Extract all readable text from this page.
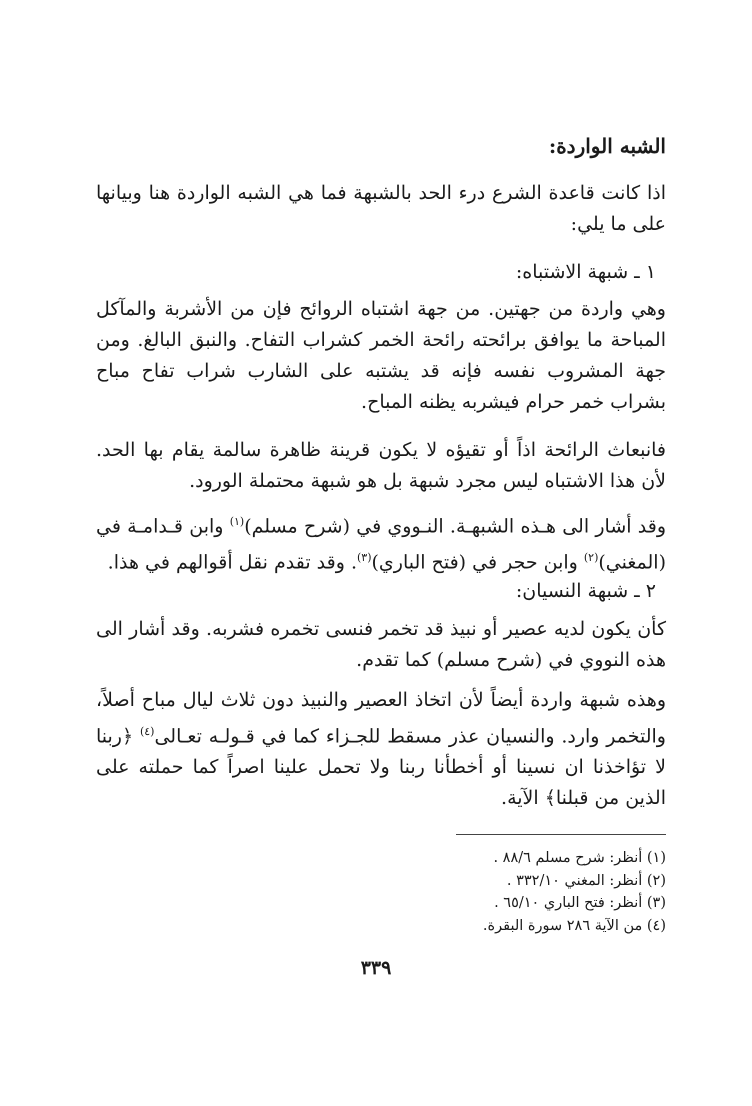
الشبه الواردة:
اذا كانت قاعدة الشرع درء الحد بالشبهة فما هي الشبه الواردة هنا وبيانها على ما يلي:
١ ـ شبهة الاشتباه:
وهي واردة من جهتين. من جهة اشتباه الروائح فإن من الأشربة والمآكل المباحة ما يوافق برائحته رائحة الخمر كشراب التفاح. والنبق البالغ. ومن جهة المشروب نفسه فإنه قد يشتبه على الشارب شراب تفاح مباح بشراب خمر حرام فيشربه يظنه المباح.
فانبعاث الرائحة اذاً أو تقيؤه لا يكون قرينة ظاهرة سالمة يقام بها الحد. لأن هذا الاشتباه ليس مجرد شبهة بل هو شبهة محتملة الورود.
وقد أشار الى هـذه الشبهـة. النـووي في (شرح مسلم)$^{(١)}$ وابن قـدامـة في (المغني)$^{(٢)}$ وابن حجر في (فتح الباري)$^{(٣)}$. وقد تقدم نقل أقوالهم في هذا.
٢ ـ شبهة النسيان:
كأن يكون لديه عصير أو نبيذ قد تخمر فنسى تخمره فشربه. وقد أشار الى هذه النووي في (شرح مسلم) كما تقدم.
وهذه شبهة واردة أيضاً لأن اتخاذ العصير والنبيذ دون ثلاث ليال مباح أصلاً، والتخمر وارد. والنسيان عذر مسقط للجـزاء كما في قـولـه تعـالى$^{(٤)}$ ﴿ربنا لا تؤاخذنا ان نسينا أو أخطأنا ربنا ولا تحمل علينا اصراً كما حملته على الذين من قبلنا﴾ الآية.
(١) أنظر: شرح مسلم ٨٨/٦ .
(٢) أنظر: المغني ٣٣٢/١٠ .
(٣) أنظر: فتح الباري ٦٥/١٠ .
(٤) من الآية ٢٨٦ سورة البقرة.
٣٣٩
